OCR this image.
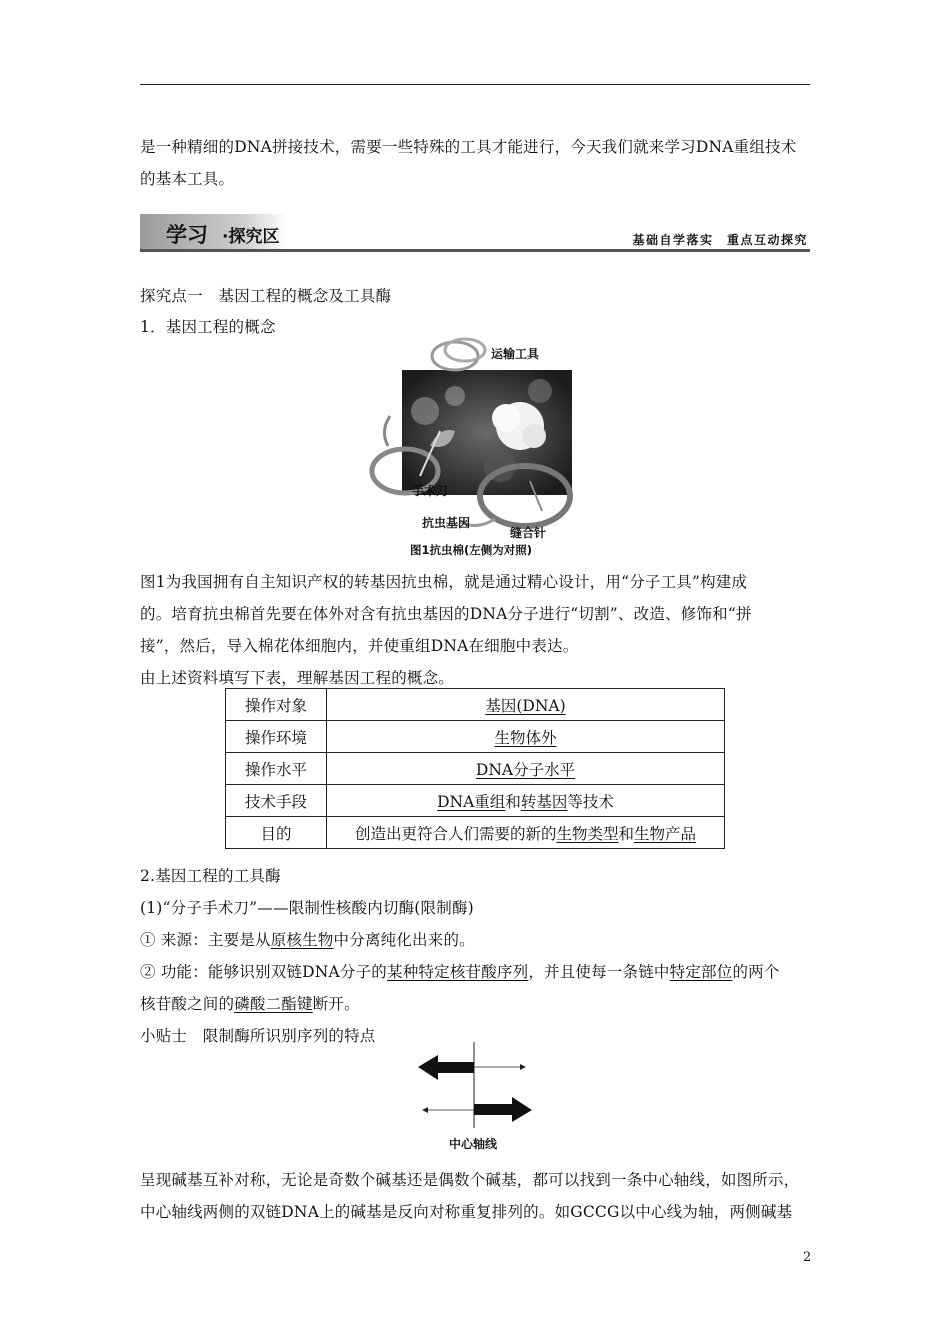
是一种精细的DNA拼接技术，需要一些特殊的工具才能进行，今天我们就来学习DNA重组技术
的基本工具。
学习 ·探究区	基础自学落实　重点互动探究
探究点一　基因工程的概念及工具酶
1．基因工程的概念
运输工具
手术刀
抗虫基因
缝合针
图1抗虫棉(左侧为对照)
图1为我国拥有自主知识产权的转基因抗虫棉，就是通过精心设计，用“分子工具”构建成
的。培育抗虫棉首先要在体外对含有抗虫基因的DNA分子进行“切割”、改造、修饰和“拼
接”，然后，导入棉花体细胞内，并使重组DNA在细胞中表达。
由上述资料填写下表，理解基因工程的概念。
操作对象	基因(DNA)
操作环境	生物体外
操作水平	DNA分子水平
技术手段	DNA重组和转基因等技术
目的	创造出更符合人们需要的新的生物类型和生物产品
2.基因工程的工具酶
(1)“分子手术刀”——限制性核酸内切酶(限制酶)
① 来源：主要是从原核生物中分离纯化出来的。
② 功能：能够识别双链DNA分子的某种特定核苷酸序列，并且使每一条链中特定部位的两个
核苷酸之间的磷酸二酯键断开。
小贴士　限制酶所识别序列的特点
中心轴线
呈现碱基互补对称，无论是奇数个碱基还是偶数个碱基，都可以找到一条中心轴线，如图所示，
中心轴线两侧的双链DNA上的碱基是反向对称重复排列的。如GCCG以中心线为轴，两侧碱基
2
